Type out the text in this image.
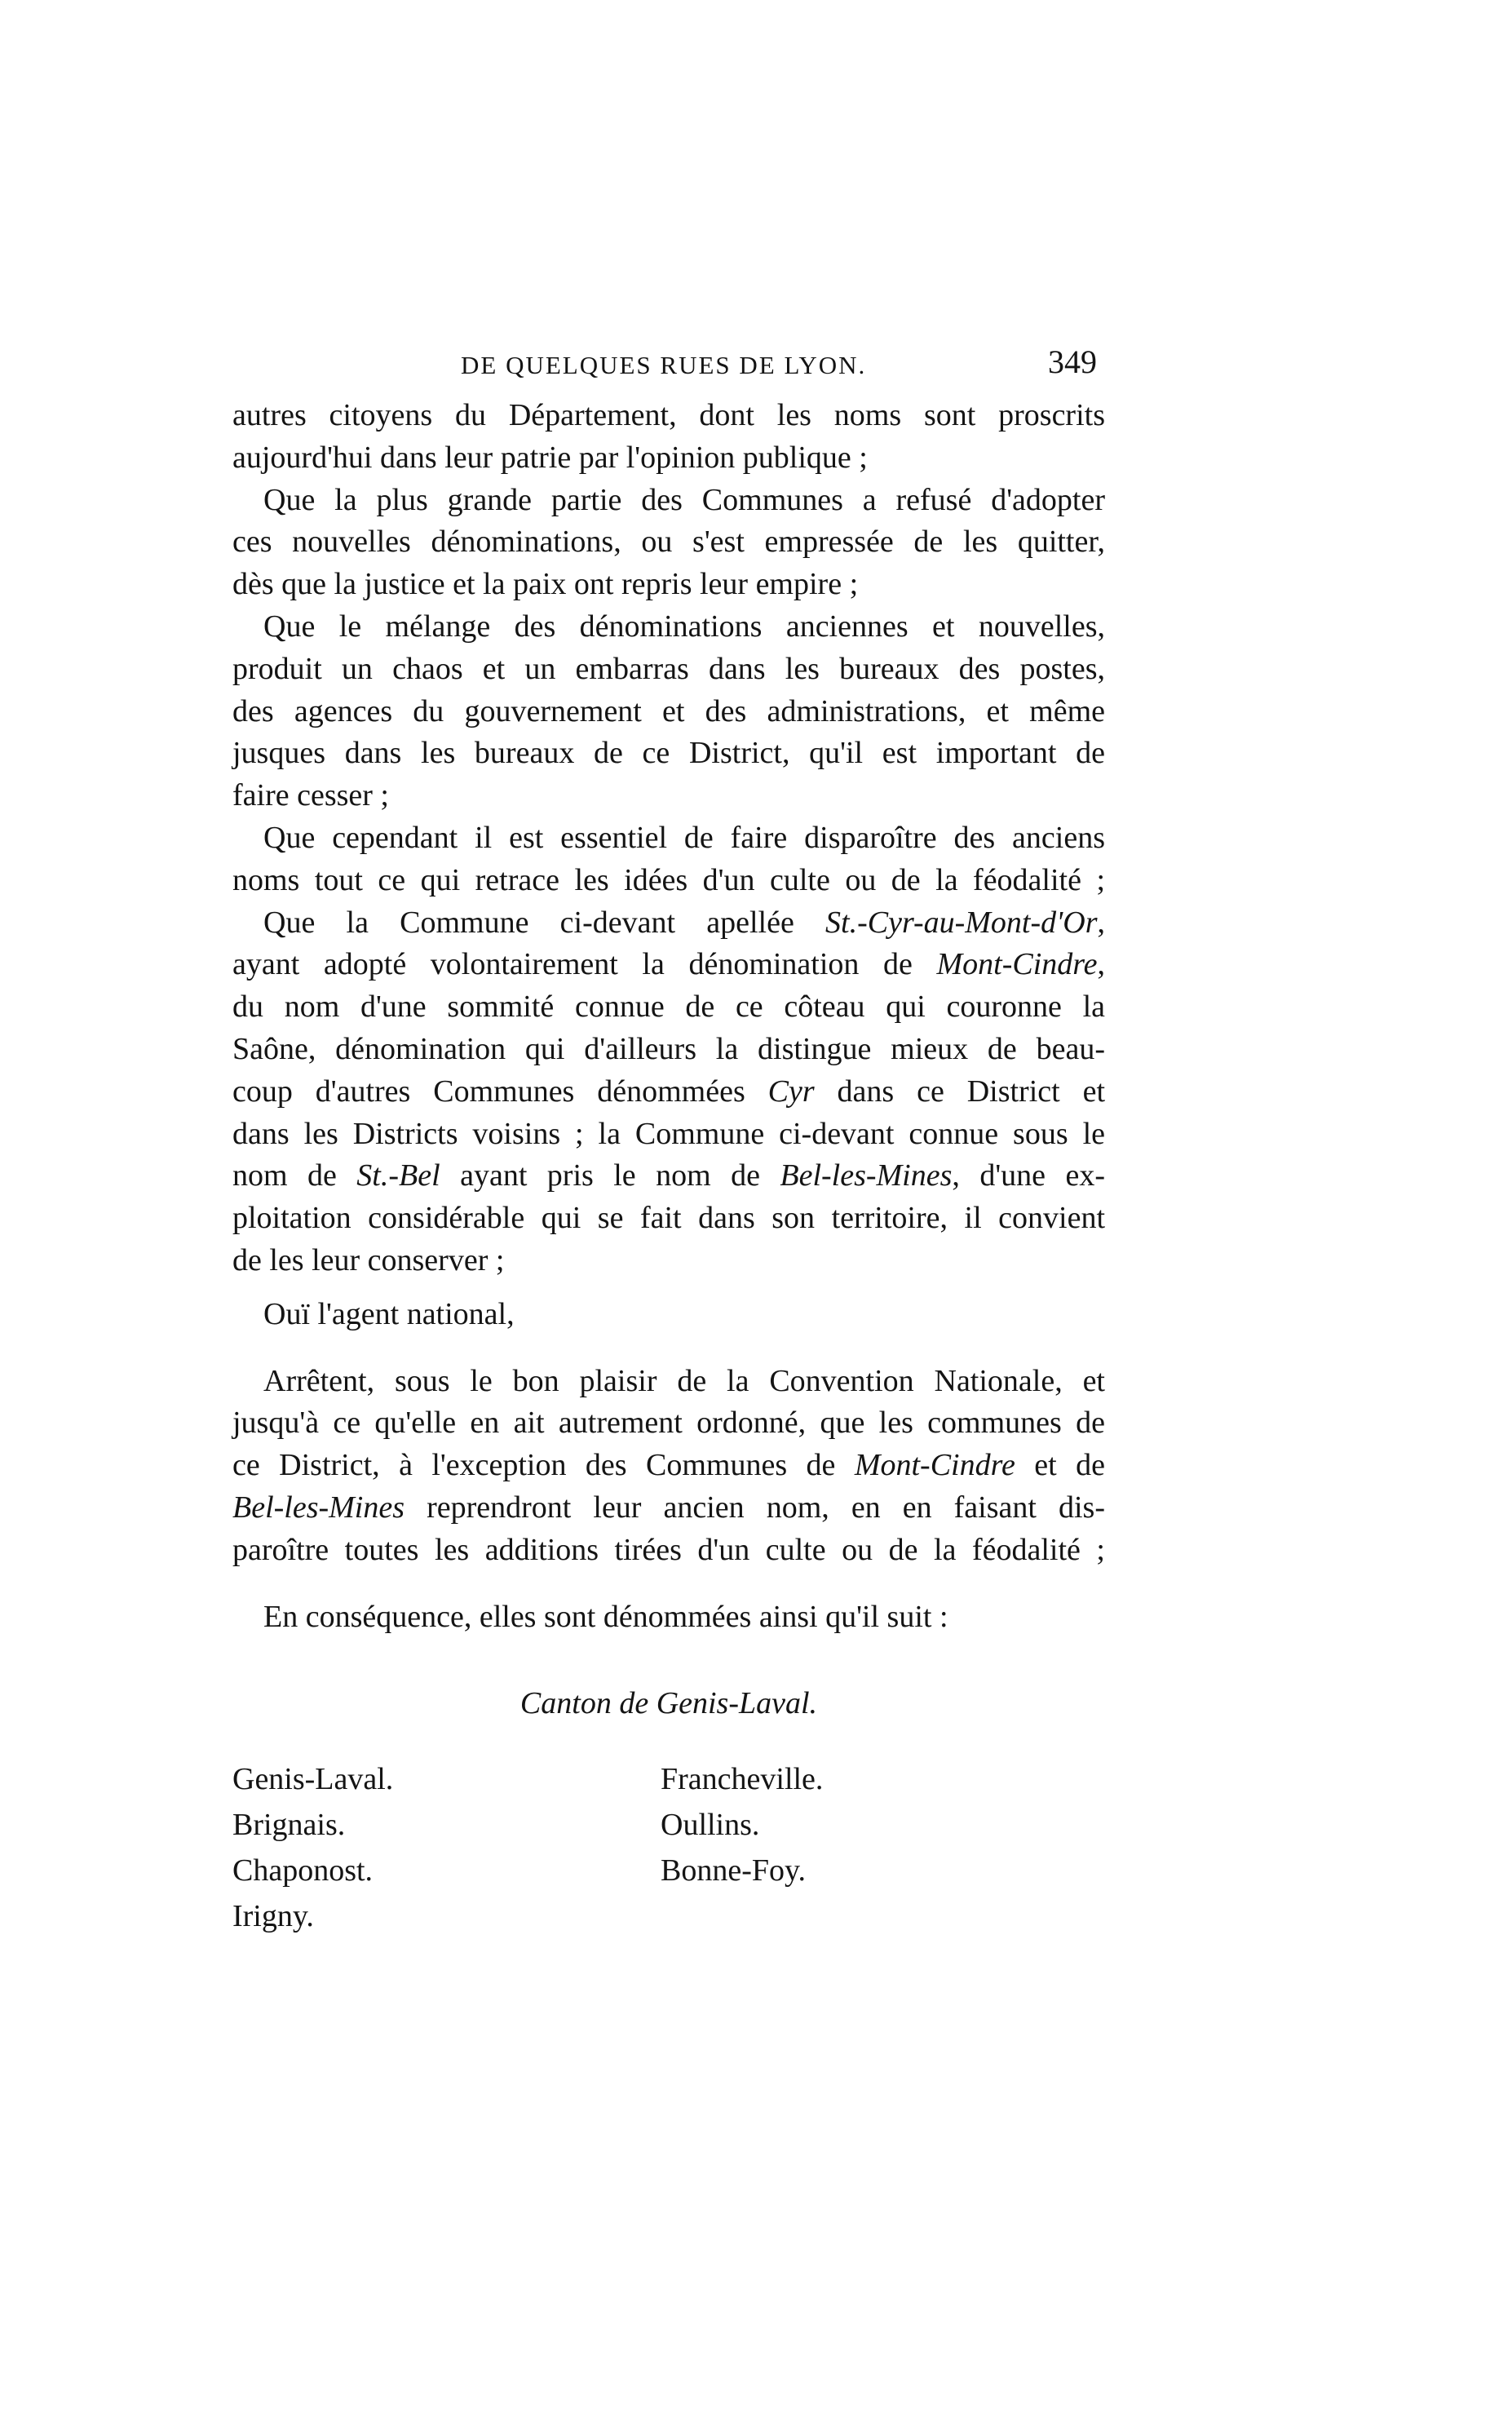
DE QUELQUES RUES DE LYON.	349
autres citoyens du Département, dont les noms sont proscrits
aujourd'hui dans leur patrie par l'opinion publique ;
Que la plus grande partie des Communes a refusé d'adopter
ces nouvelles dénominations, ou s'est empressée de les quitter,
dès que la justice et la paix ont repris leur empire ;
Que le mélange des dénominations anciennes et nouvelles,
produit un chaos et un embarras dans les bureaux des postes,
des agences du gouvernement et des administrations, et même
jusques dans les bureaux de ce District, qu'il est important de
faire cesser ;
Que cependant il est essentiel de faire disparoître des anciens
noms tout ce qui retrace les idées d'un culte ou de la féodalité ;
Que la Commune ci-devant apellée St.-Cyr-au-Mont-d'Or,
ayant adopté volontairement la dénomination de Mont-Cindre,
du nom d'une sommité connue de ce côteau qui couronne la
Saône, dénomination qui d'ailleurs la distingue mieux de beau-
coup d'autres Communes dénommées Cyr dans ce District et
dans les Districts voisins ; la Commune ci-devant connue sous le
nom de St.-Bel ayant pris le nom de Bel-les-Mines, d'une ex-
ploitation considérable qui se fait dans son territoire, il convient
de les leur conserver ;
Ouï l'agent national,
Arrêtent, sous le bon plaisir de la Convention Nationale, et
jusqu'à ce qu'elle en ait autrement ordonné, que les communes de
ce District, à l'exception des Communes de Mont-Cindre et de
Bel-les-Mines reprendront leur ancien nom, en en faisant dis-
paroître toutes les additions tirées d'un culte ou de la féodalité ;
En conséquence, elles sont dénommées ainsi qu'il suit :
Canton de Genis-Laval.
Genis-Laval.
Brignais.
Chaponost.
Irigny.
Francheville.
Oullins.
Bonne-Foy.
